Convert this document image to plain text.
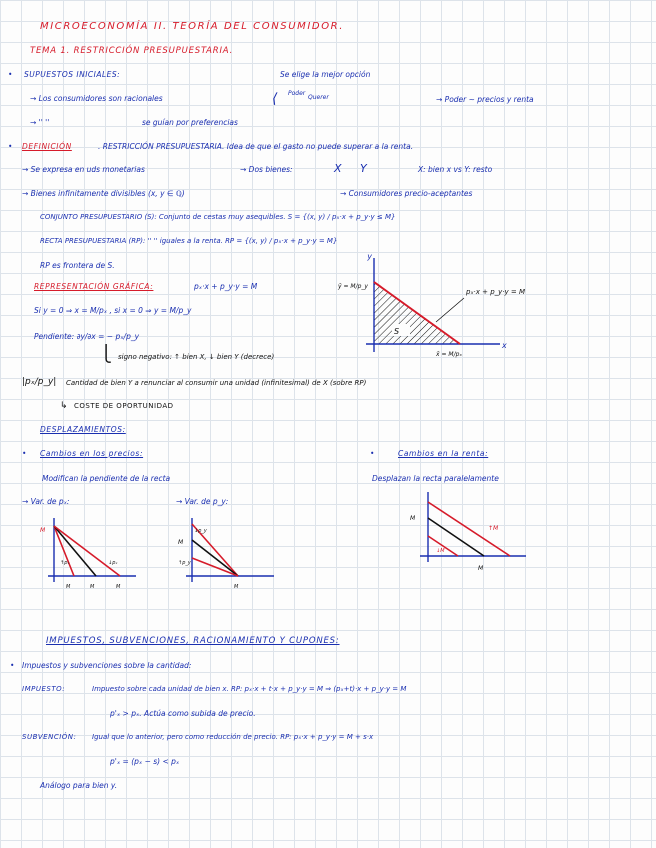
MICROECONOMÍA II. TEORÍA DEL CONSUMIDOR.
TEMA 1. RESTRICCIÓN PRESUPUESTARIA.
SUPUESTOS INICIALES:	Se elige la mejor opción
→ Los consumidores son racionales	⟨ Poder
Querer	→ Poder ~ precios y renta
→ '' ''	se guían por preferencias
DEFINICIÓN	. RESTRICCIÓN PRESUPUESTARIA. Idea de que el gasto no puede superar a la renta.
→ Se expresa en uds monetarias	→ Dos bienes:	X Y	X: bien x vs Y: resto
→ Bienes infinitamente divisibles (x, y ∈ ℚ)	→ Consumidores precio-aceptantes
CONJUNTO PRESUPUESTARIO (S): Conjunto de cestas muy asequibles. S = {(x, y) / pₓ·x + p_y·y ≤ M}
RECTA PRESUPUESTARIA (RP): '' '' iguales a la renta. RP = {(x, y) / pₓ·x + p_y·y = M}
RP es frontera de S.
REPRESENTACIÓN GRÁFICA:	pₓ·x + p_y·y = M
Si y = 0 ⇒ x = M/pₓ , si x = 0 ⇒ y = M/p_y
Pendiente: ∂y/∂x = − pₓ/p_y
⎩ signo negativo: ↑ bien X, ↓ bien Y (decrece)
y
x
S
ȳ = M/p_y
x̄ = M/pₓ
pₓ·x + p_y·y = M
|pₓ/p_y| Cantidad de bien Y a renunciar al consumir una unidad (infinitesimal) de X (sobre RP)
↳ COSTE DE OPORTUNIDAD
DESPLAZAMIENTOS:
Cambios en los precios:
Modifican la pendiente de la recta
•	Cambios en la renta:
Desplazan la recta paralelamente
→ Var. de pₓ:	→ Var. de p_y:
M
↑pₓ	↓pₓ
M	M	M
M
↓p_y
↑p_y
M
M
↑M
↓M
M
IMPUESTOS, SUBVENCIONES, RACIONAMIENTO Y CUPONES:
Impuestos y subvenciones sobre la cantidad:
IMPUESTO:	Impuesto sobre cada unidad de bien x. RP: pₓ·x + t·x + p_y·y = M ⇒ (pₓ+t)·x + p_y·y = M
p'ₓ > pₓ. Actúa como subida de precio.
SUBVENCIÓN: Igual que lo anterior, pero como reducción de precio. RP: pₓ·x + p_y·y = M + s·x
p'ₓ = (pₓ − s) < pₓ
Análogo para bien y.
•
•
•
•
